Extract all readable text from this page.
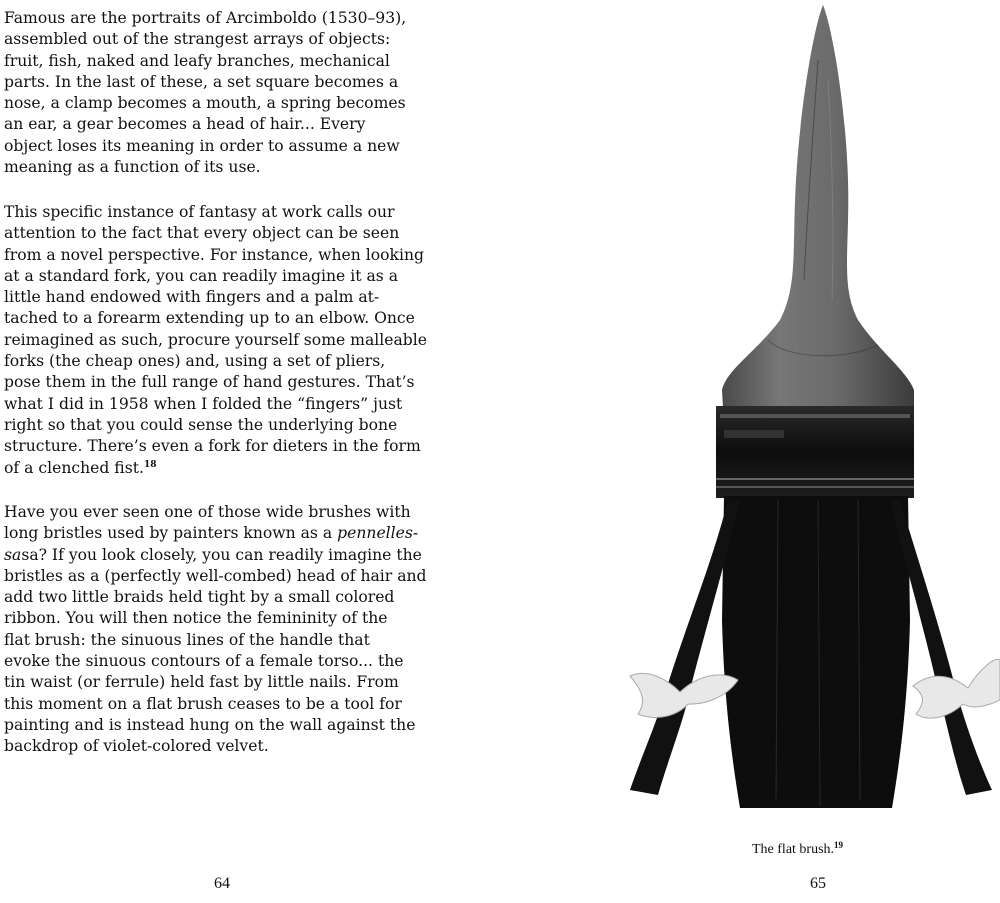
Famous are the portraits of Arcimboldo (1530–93),
assembled out of the strangest arrays of objects:
fruit, fish, naked and leafy branches, mechanical
parts. In the last of these, a set square becomes a
nose, a clamp becomes a mouth, a spring becomes
an ear, a gear becomes a head of hair... Every
object loses its meaning in order to assume a new
meaning as a function of its use.

This specific instance of fantasy at work calls our
attention to the fact that every object can be seen
from a novel perspective. For instance, when looking
at a standard fork, you can readily imagine it as a
little hand endowed with fingers and a palm at-
tached to a forearm extending up to an elbow. Once
reimagined as such, procure yourself some malleable
forks (the cheap ones) and, using a set of pliers,
pose them in the full range of hand gestures. That’s
what I did in 1958 when I folded the “fingers” just
right so that you could sense the underlying bone
structure. There’s even a fork for dieters in the form
of a clenched fist.$^{18}$

Have you ever seen one of those wide brushes with
long bristles used by painters known as a pennelles-
sasa? If you look closely, you can readily imagine the
bristles as a (perfectly well-combed) head of hair and
add two little braids held tight by a small colored
ribbon. You will then notice the femininity of the
flat brush: the sinuous lines of the handle that
evoke the sinuous contours of a female torso... the
tin waist (or ferrule) held fast by little nails. From
this moment on a flat brush ceases to be a tool for
painting and is instead hung on the wall against the
backdrop of violet-colored velvet.

64
The flat brush.$^{19}$
65
